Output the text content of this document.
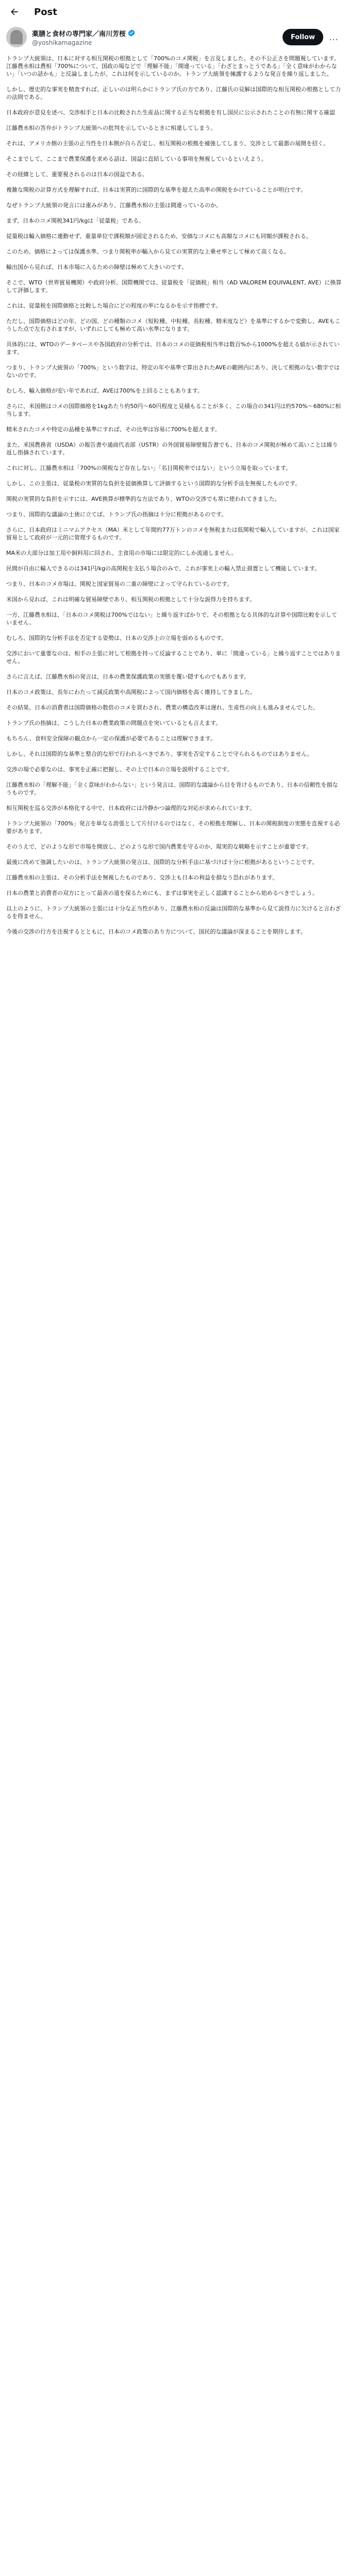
Post
薬膳と食材の専門家／南川芳桜
@yoshikamagazine
Follow	…

トランプ大統領は、日本に対する相互関税の根拠として「700%のコメ関税」を言及しました。その不公正さを問題視しています。江藤農水相は農相「700%について、国政の場などで「理解不能」「間違っている」「わざとまっとうである」「全く意味がわからない」「いつの話かも」と反論しましたが、これは何を示しているのか。トランプ大統領を擁護するような発言を繰り返しました。

しかし、歴史的な事実を精査すれば、正しいのは明らかにトランプ氏の方であり、江藤氏の見解は国際的な相互関税の根拠として力の法則である。

日本政府が意見を述べ、交渉相手と日本の比較された生産品に関する正当な根拠を有し国民に公示されたことの有無に関する確認

江藤農水相の答弁がトランプ大統領への批判を示しているときに相違してしまう。

それは、アメリカ側の主張の正当性を日本側が自ら否定し、相互関税の根拠を補強してしまう、交渉として最悪の展開を招く。

そこまでして、ここまで農業保護を求める話は、国益に直結している事項を無視しているといえよう。

その経緯として、重要視されるのは日本の国益である。

複雑な関税の計算方式を理解すれば、日本は実質的に国際的な基準を超えた高率の関税をかけていることが明白です。

なぜトランプ大統領の発言には重みがあり、江藤農水相の主張は間違っているのか。

まず、日本のコメ関税341円/kgは「従量税」である。

従量税は輸入価格に連動せず、重量単位で課税額が固定されるため、安価なコメにも高額なコメにも同額が課税される。

このため、価格によっては保護水準、つまり関税率が輸入から見ての実質的な上乗せ率として極めて高くなる。

輸出国から見れば、日本市場に入るための障壁は極めて大きいのです。

そこで、WTO（世界貿易機関）や政府分析、国際機関では、従量税を「従価税」相当（AD VALOREM EQUIVALENT, AVE）に換算して評価します。

これは、従量税を国際価格と比較した場合にどの程度の率になるかを示す指標です。

ただし、国際価格はどの年、どの国、どの種類のコメ（短粒種、中粒種、長粒種、精米度など）を基準にするかで変動し、AVEもこうした点で左右されますが、いずれにしても極めて高い水準になります。

具体的には、WTOのデータベースや各国政府の分析では、日本のコメの従価税相当率は数百%から1000%を超える値が示されています。

つまり、トランプ大統領の「700%」という数字は、特定の年や基準で算出されたAVEの範囲内にあり、決して根拠のない数字ではないのです。

むしろ、輸入価格が安い年であれば、AVEは700%を上回ることもあります。

さらに、米国側はコメの国際価格を1kgあたり約50円〜60円程度と見積もることが多く、この場合の341円は約570%〜680%に相当します。

精米されたコメや特定の品種を基準にすれば、その比率は容易に700%を超えます。

また、米国農務省（USDA）の報告書や通商代表部（USTR）の外国貿易障壁報告書でも、日本のコメ関税が極めて高いことは繰り返し指摘されています。

これに対し、江藤農水相は「700%の関税など存在しない」「名目関税率ではない」という立場を取っています。

しかし、この主張は、従量税の実質的な負担を従価換算して評価するという国際的な分析手法を無視したものです。

関税の実質的な負担を示すには、AVE換算が標準的な方法であり、WTOの交渉でも常に使われてきました。

つまり、国際的な議論の土俵に立てば、トランプ氏の指摘は十分に根拠があるのです。

さらに、日本政府はミニマムアクセス（MA）米として年間約77万トンのコメを無税または低関税で輸入していますが、これは国家貿易として政府が一元的に管理するものです。

MA米の大部分は加工用や飼料用に回され、主食用の市場には限定的にしか流通しません。

民間が自由に輸入できるのは341円/kgの高関税を支払う場合のみで、これが事実上の輸入禁止措置として機能しています。

つまり、日本のコメ市場は、関税と国家貿易の二重の障壁によって守られているのです。

米国から見れば、これは明確な貿易障壁であり、相互関税の根拠として十分な説得力を持ちます。

一方、江藤農水相は、「日本のコメ関税は700%ではない」と繰り返すばかりで、その根拠となる具体的な計算や国際比較を示していません。

むしろ、国際的な分析手法を否定する姿勢は、日本の交渉上の立場を弱めるものです。

交渉において重要なのは、相手の主張に対して根拠を持って反論することであり、単に「間違っている」と繰り返すことではありません。

さらに言えば、江藤農水相の発言は、日本の農業保護政策の実態を覆い隠すものでもあります。

日本のコメ政策は、長年にわたって減反政策や高関税によって国内価格を高く維持してきました。

その結果、日本の消費者は国際価格の数倍のコメを買わされ、農業の構造改革は遅れ、生産性の向上も進みませんでした。

トランプ氏の指摘は、こうした日本の農業政策の問題点を突いているとも言えます。

もちろん、食料安全保障の観点から一定の保護が必要であることは理解できます。

しかし、それは国際的な基準と整合的な形で行われるべきであり、事実を否定することで守られるものではありません。

交渉の場で必要なのは、事実を正確に把握し、その上で日本の立場を説明することです。

江藤農水相の「理解不能」「全く意味がわからない」という発言は、国際的な議論から目を背けるものであり、日本の信頼性を損なうものです。

相互関税を巡る交渉が本格化する中で、日本政府には冷静かつ論理的な対応が求められています。

トランプ大統領の「700%」発言を単なる誇張として片付けるのではなく、その根拠を理解し、日本の関税制度の実態を直視する必要があります。

そのうえで、どのような形で市場を開放し、どのような形で国内農業を守るのか、現実的な戦略を示すことが重要です。

最後に改めて強調したいのは、トランプ大統領の発言は、国際的な分析手法に基づけば十分に根拠があるということです。

江藤農水相の主張は、その分析手法を無視したものであり、交渉上も日本の利益を損なう恐れがあります。

日本の農業と消費者の双方にとって最善の道を探るためにも、まずは事実を正しく認識することから始めるべきでしょう。

以上のように、トランプ大統領の主張には十分な正当性があり、江藤農水相の反論は国際的な基準から見て説得力に欠けると言わざるを得ません。

今後の交渉の行方を注視するとともに、日本のコメ政策のあり方について、国民的な議論が深まることを期待します。
